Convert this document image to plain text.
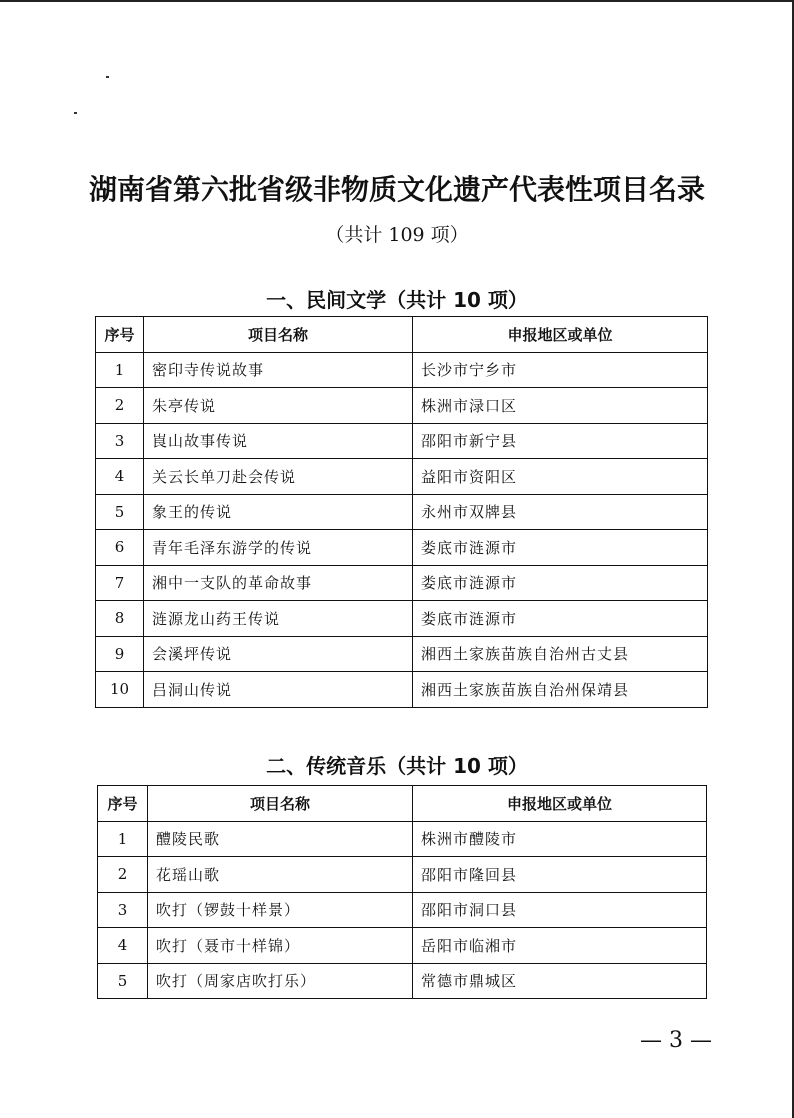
湖南省第六批省级非物质文化遗产代表性项目名录

（共计 109 项）

一、民间文学（共计 10 项）
序号	项目名称	申报地区或单位
1	密印寺传说故事	长沙市宁乡市
2	朱亭传说	株洲市渌口区
3	崀山故事传说	邵阳市新宁县
4	关云长单刀赴会传说	益阳市资阳区
5	象王的传说	永州市双牌县
6	青年毛泽东游学的传说	娄底市涟源市
7	湘中一支队的革命故事	娄底市涟源市
8	涟源龙山药王传说	娄底市涟源市
9	会溪坪传说	湘西土家族苗族自治州古丈县
10	吕洞山传说	湘西土家族苗族自治州保靖县
二、传统音乐（共计 10 项）
序号	项目名称	申报地区或单位
1	醴陵民歌	株洲市醴陵市
2	花瑶山歌	邵阳市隆回县
3	吹打（锣鼓十样景）	邵阳市洞口县
4	吹打（聂市十样锦）	岳阳市临湘市
5	吹打（周家店吹打乐）	常德市鼎城区
— 3 —
